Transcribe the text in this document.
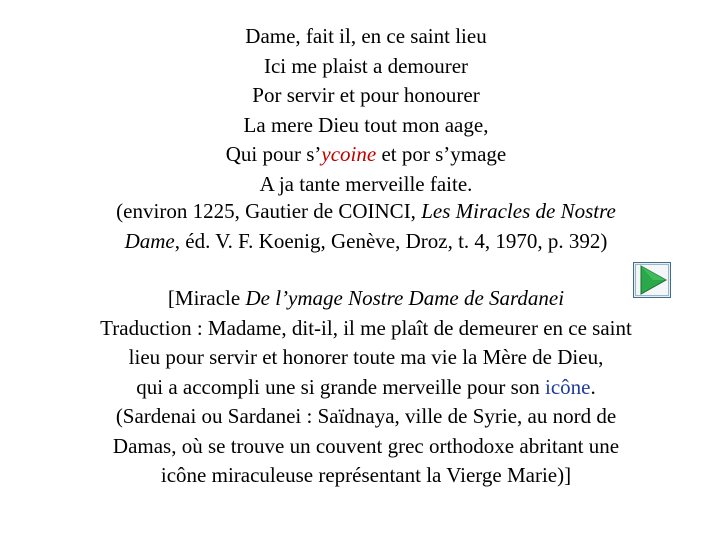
Dame, fait il, en ce saint lieu
Ici me plaist a demourer
Por servir et pour honourer
La mere Dieu tout mon aage,
Qui pour s’ycoine et por s’ymage
A ja tante merveille faite.
(environ 1225, Gautier de COINCI, Les Miracles de Nostre
Dame, éd. V. F. Koenig, Genève, Droz, t. 4, 1970, p. 392)
[Miracle De l’ymage Nostre Dame de Sardanei
Traduction : Madame, dit-il, il me plaît de demeurer en ce saint
lieu pour servir et honorer toute ma vie la Mère de Dieu,
qui a accompli une si grande merveille pour son icône.
(Sardenai ou Sardanei : Saïdnaya, ville de Syrie, au nord de
Damas, où se trouve un couvent grec orthodoxe abritant une
icône miraculeuse représentant la Vierge Marie)]
